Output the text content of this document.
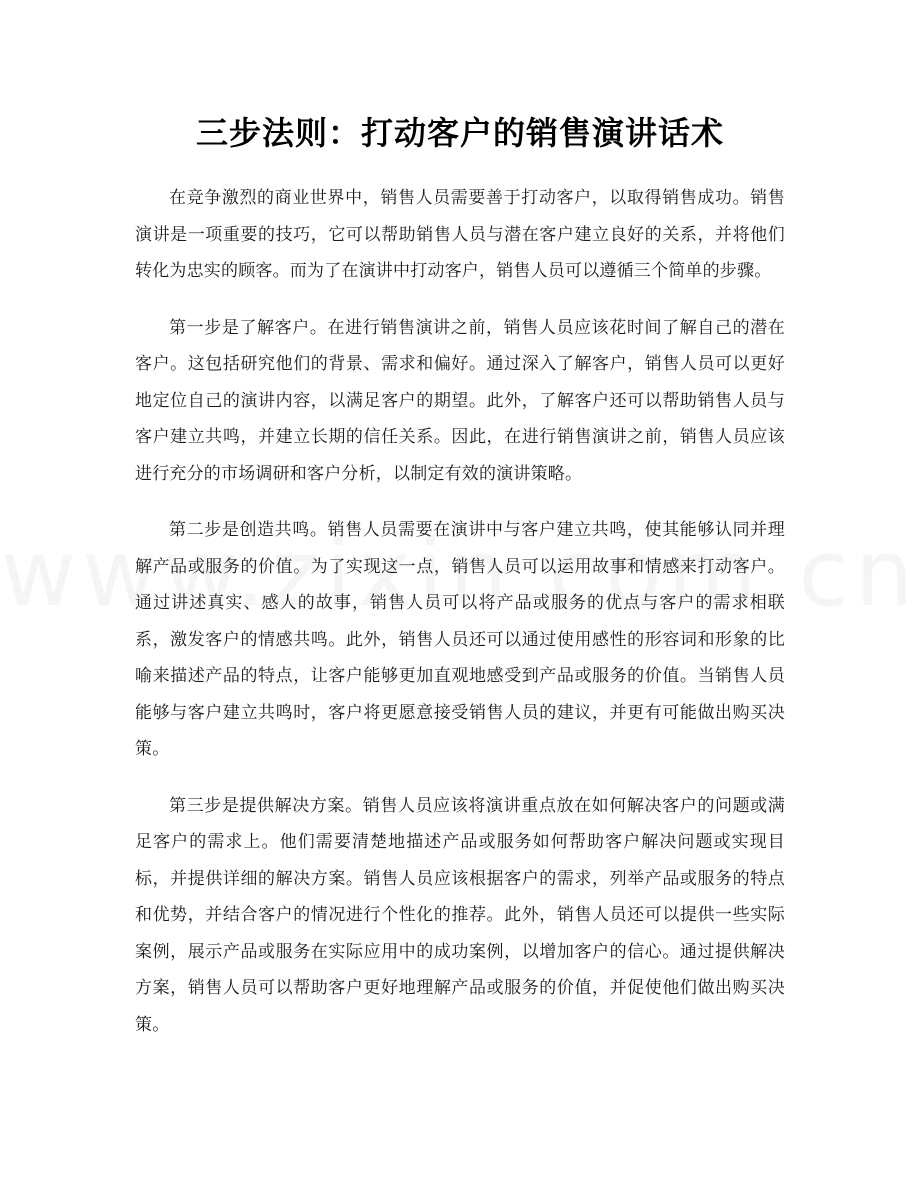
三步法则：打动客户的销售演讲话术

在竞争激烈的商业世界中，销售人员需要善于打动客户，以取得销售成功。销售演讲是一项重要的技巧，它可以帮助销售人员与潜在客户建立良好的关系，并将他们转化为忠实的顾客。而为了在演讲中打动客户，销售人员可以遵循三个简单的步骤。

第一步是了解客户。在进行销售演讲之前，销售人员应该花时间了解自己的潜在客户。这包括研究他们的背景、需求和偏好。通过深入了解客户，销售人员可以更好地定位自己的演讲内容，以满足客户的期望。此外，了解客户还可以帮助销售人员与客户建立共鸣，并建立长期的信任关系。因此，在进行销售演讲之前，销售人员应该进行充分的市场调研和客户分析，以制定有效的演讲策略。

第二步是创造共鸣。销售人员需要在演讲中与客户建立共鸣，使其能够认同并理解产品或服务的价值。为了实现这一点，销售人员可以运用故事和情感来打动客户。通过讲述真实、感人的故事，销售人员可以将产品或服务的优点与客户的需求相联系，激发客户的情感共鸣。此外，销售人员还可以通过使用感性的形容词和形象的比喻来描述产品的特点，让客户能够更加直观地感受到产品或服务的价值。当销售人员能够与客户建立共鸣时，客户将更愿意接受销售人员的建议，并更有可能做出购买决策。

第三步是提供解决方案。销售人员应该将演讲重点放在如何解决客户的问题或满足客户的需求上。他们需要清楚地描述产品或服务如何帮助客户解决问题或实现目标，并提供详细的解决方案。销售人员应该根据客户的需求，列举产品或服务的特点和优势，并结合客户的情况进行个性化的推荐。此外，销售人员还可以提供一些实际案例，展示产品或服务在实际应用中的成功案例，以增加客户的信心。通过提供解决方案，销售人员可以帮助客户更好地理解产品或服务的价值，并促使他们做出购买决策。
